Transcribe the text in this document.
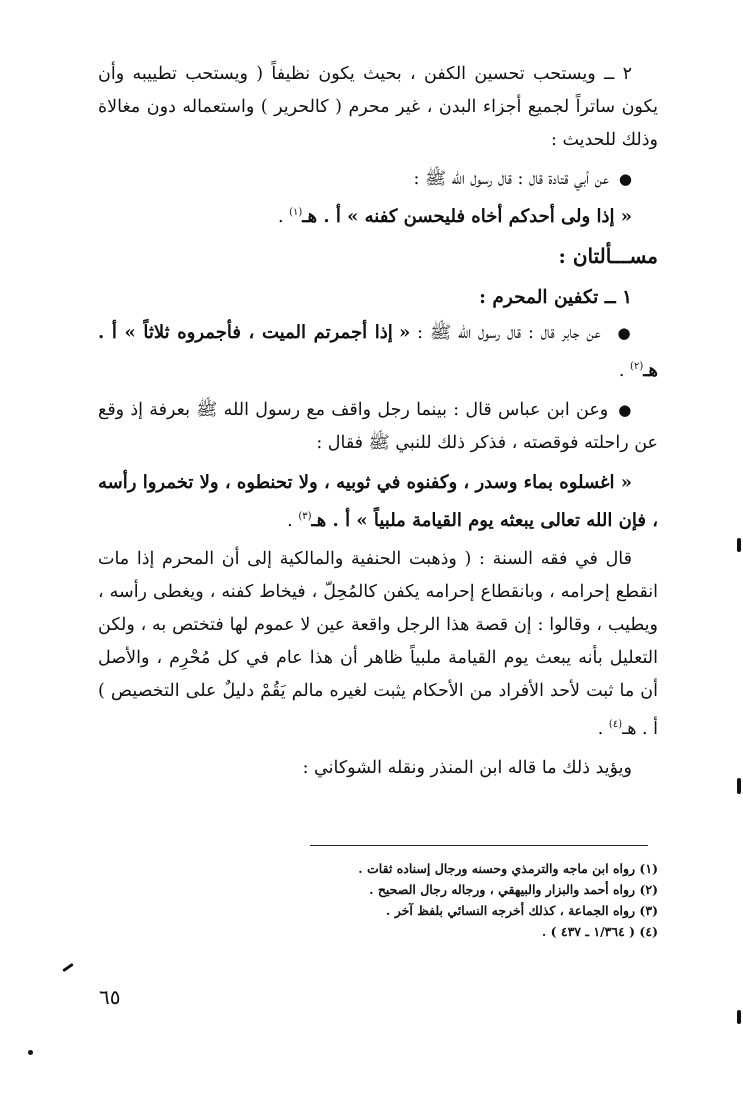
٢ ــ ويستحب تحسين الكفن ، بحيث يكون نظيفاً ( ويستحب تطييبه وأن يكون ساتراً لجميع أجزاء البدن ، غير محرم ( كالحرير ) واستعماله دون مغالاة وذلك للحديث :

● عن أبي قتادة قال : قال رسول الله ﷺ :

« إذا ولى أحدكم أخاه فليحسن كفنه » أ . هـ$^{(١)}$ .

مســـألتان :

١ ــ تكفين المحرم :

● عن جابر قال : قال رسول الله ﷺ : « إذا أجمرتم الميت ، فأجمروه ثلاثاً » أ . هـ$^{(٢)}$ .

● وعن ابن عباس قال : بينما رجل واقف مع رسول الله ﷺ بعرفة إذ وقع عن راحلته فوقصته ، فذكر ذلك للنبي ﷺ فقال :

« اغسلوه بماء وسدر ، وكفنوه في ثوبيه ، ولا تحنطوه ، ولا تخمروا رأسه ، فإن الله تعالى يبعثه يوم القيامة ملبياً » أ . هـ$^{(٣)}$ .

قال في فقه السنة : ( وذهبت الحنفية والمالكية إلى أن المحرم إذا مات انقطع إحرامه ، وبانقطاع إحرامه يكفن كالمُحِلّ ، فيخاط كفنه ، ويغطى رأسه ، ويطيب ، وقالوا : إن قصة هذا الرجل واقعة عين لا عموم لها فتختص به ، ولكن التعليل بأنه يبعث يوم القيامة ملبياً ظاهر أن هذا عام في كل مُحْرِم ، والأصل أن ما ثبت لأحد الأفراد من الأحكام يثبت لغيره مالم يَقُمْ دليلٌ على التخصيص ) أ . هـ$^{(٤)}$ .

ويؤيد ذلك ما قاله ابن المنذر ونقله الشوكاني :

(١) رواه ابن ماجه والترمذي وحسنه ورجال إسناده ثقات .
(٢) رواه أحمد والبزار والبيهقي ، ورجاله رجال الصحيح .
(٣) رواه الجماعة ، كذلك أخرجه النسائي بلفظ آخر .
(٤) ( ١/٣٦٤ ـ ٤٣٧ ) .
٦٥
